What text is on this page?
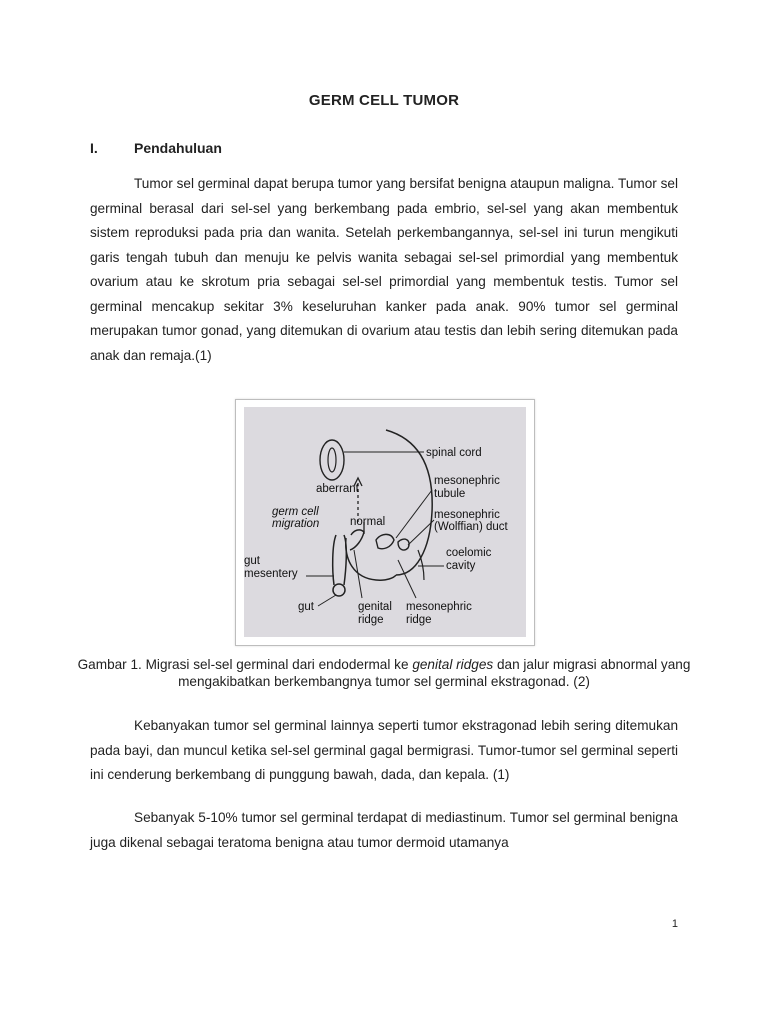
GERM CELL TUMOR
I.	Pendahuluan

Tumor sel germinal dapat berupa tumor yang bersifat benigna ataupun maligna. Tumor sel germinal berasal dari sel-sel yang berkembang pada embrio, sel-sel yang akan membentuk sistem reproduksi pada pria dan wanita. Setelah perkembangannya, sel-sel ini turun mengikuti garis tengah tubuh dan menuju ke pelvis wanita sebagai sel-sel primordial yang membentuk ovarium atau ke skrotum pria sebagai sel-sel primordial yang membentuk testis. Tumor sel germinal mencakup sekitar 3% keseluruhan kanker pada anak. 90% tumor sel germinal merupakan tumor gonad, yang ditemukan di ovarium atau testis dan lebih sering ditemukan pada anak dan remaja.(1)

spinal cord
aberrant
mesonephric
tubule
germ cell
migration	normal
mesonephric
(Wolffian) duct
coelomic
cavity
gut
mesentery
gut	genital
ridge
mesonephric
ridge

Gambar 1. Migrasi sel-sel germinal dari endodermal ke genital ridges dan jalur migrasi abnormal yang mengakibatkan berkembangnya tumor sel germinal ekstragonad. (2)

Kebanyakan tumor sel germinal lainnya seperti tumor ekstragonad lebih sering ditemukan pada bayi, dan muncul ketika sel-sel germinal gagal bermigrasi. Tumor-tumor sel germinal seperti ini cenderung berkembang di punggung bawah, dada, dan kepala. (1)

Sebanyak 5-10% tumor sel germinal terdapat di mediastinum. Tumor sel germinal benigna juga dikenal sebagai teratoma benigna atau tumor dermoid utamanya

1
